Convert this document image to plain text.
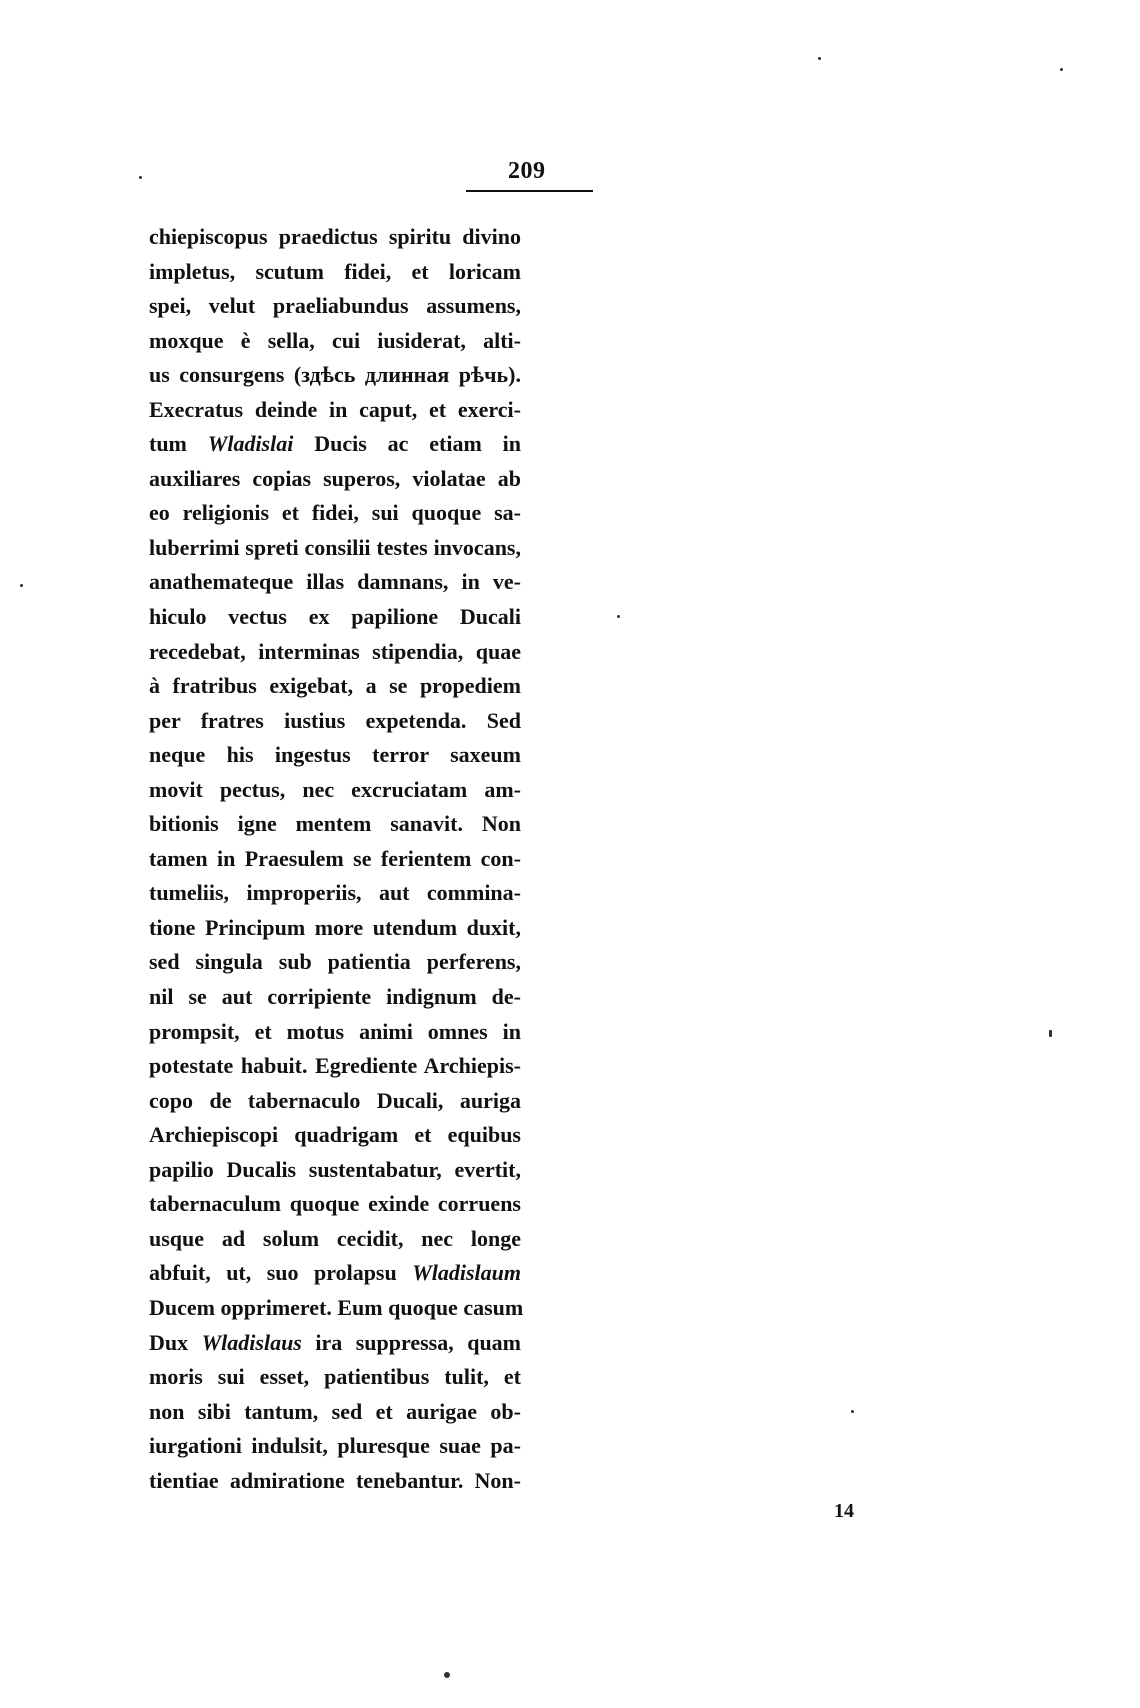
209
chiepiscopus praedictus spiritu divino
impletus, scutum fidei, et loricam
spei, velut praeliabundus assumens,
moxque è sella, cui iusiderat, alti-
us consurgens (здѣсь длинная рѣчь).
Execratus deinde in caput, et exerci-
tum Wladislai Ducis ac etiam in
auxiliares copias superos, violatae ab
eo religionis et fidei, sui quoque sa-
luberrimi spreti consilii testes invocans,
anathemateque illas damnans, in ve-
hiculo vectus ex papilione Ducali
recedebat, interminas stipendia, quae
à fratribus exigebat, a se propediem
per fratres iustius expetenda. Sed
neque his ingestus terror saxeum
movit pectus, nec excruciatam am-
bitionis igne mentem sanavit. Non
tamen in Praesulem se ferientem con-
tumeliis, improperiis, aut commina-
tione Principum more utendum duxit,
sed singula sub patientia perferens,
nil se aut corripiente indignum de-
prompsit, et motus animi omnes in
potestate habuit. Egrediente Archiepis-
copo de tabernaculo Ducali, auriga
Archiepiscopi quadrigam et equibus
papilio Ducalis sustentabatur, evertit,
tabernaculum quoque exinde corruens
usque ad solum cecidit, nec longe
abfuit, ut, suo prolapsu Wladislaum
Ducem opprimeret. Eum quoque casum
Dux Wladislaus ira suppressa, quam
moris sui esset, patientibus tulit, et
non sibi tantum, sed et aurigae ob-
iurgationi indulsit, pluresque suae pa-
tientiae admiratione tenebantur. Non-
14
